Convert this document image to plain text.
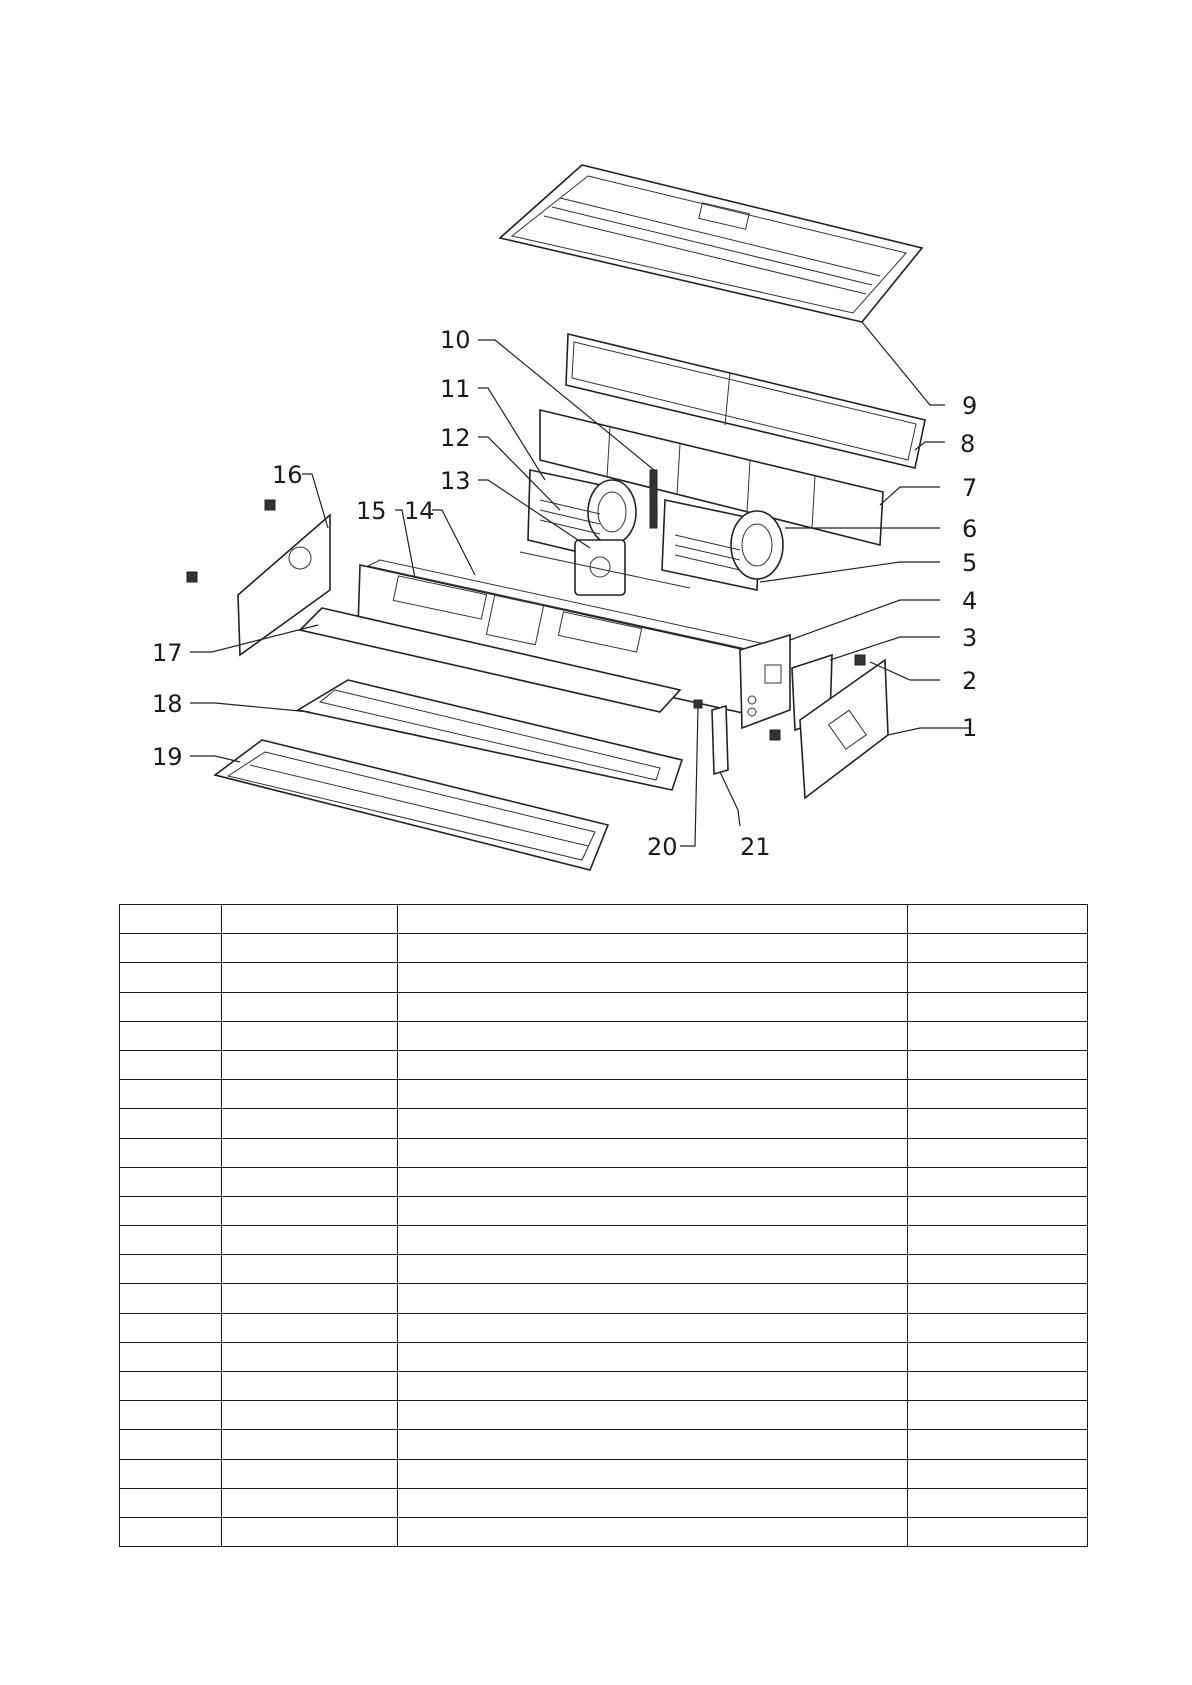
1
2
3
4
5
6
7
8
9
10
11
12
13
14
15
16
17
18
19
20	21
